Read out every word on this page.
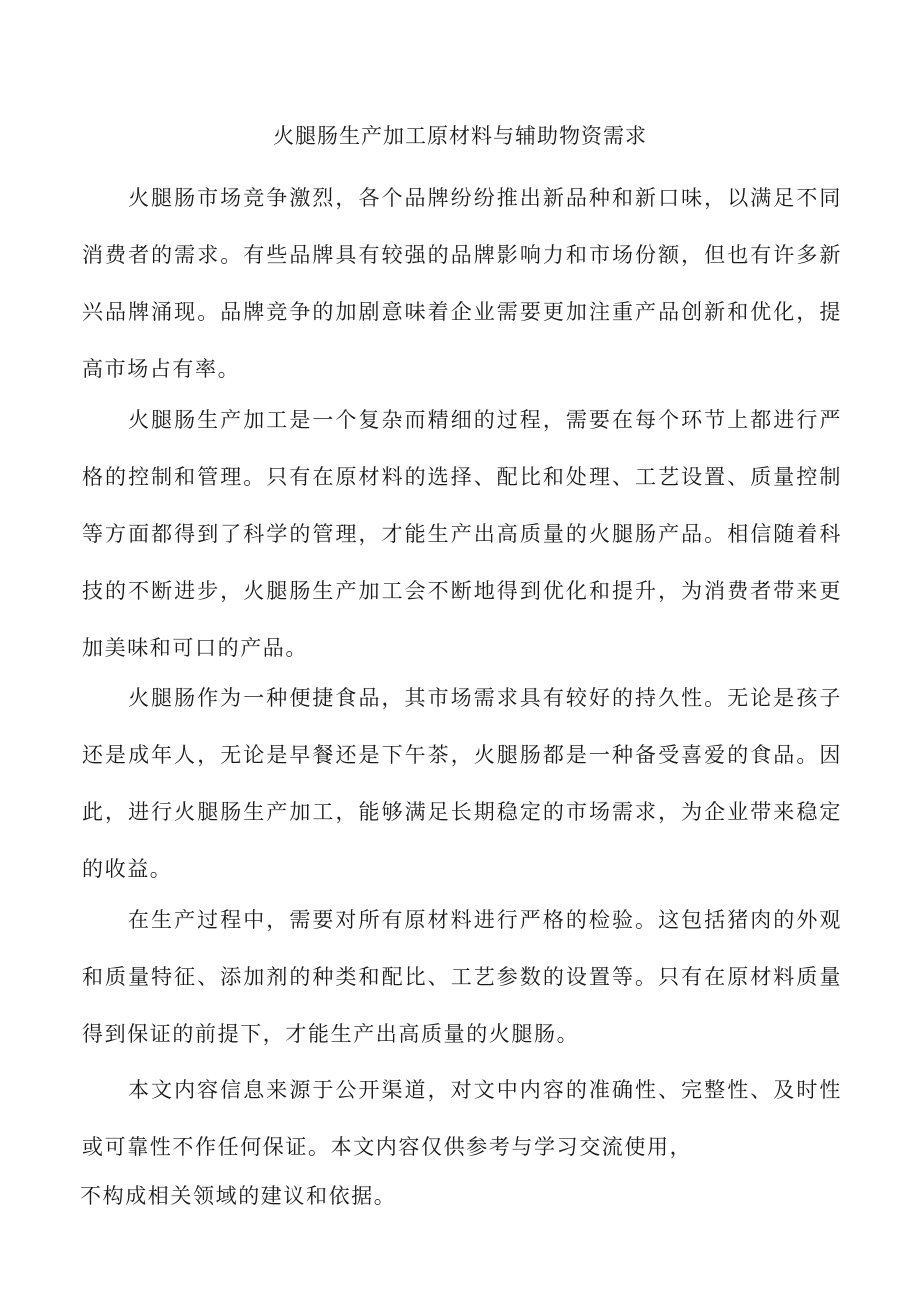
火腿肠生产加工原材料与辅助物资需求

火腿肠市场竞争激烈，各个品牌纷纷推出新品种和新口味，以满足不同消费者的需求。有些品牌具有较强的品牌影响力和市场份额，但也有许多新兴品牌涌现。品牌竞争的加剧意味着企业需要更加注重产品创新和优化，提高市场占有率。

火腿肠生产加工是一个复杂而精细的过程，需要在每个环节上都进行严格的控制和管理。只有在原材料的选择、配比和处理、工艺设置、质量控制等方面都得到了科学的管理，才能生产出高质量的火腿肠产品。相信随着科技的不断进步，火腿肠生产加工会不断地得到优化和提升，为消费者带来更加美味和可口的产品。

火腿肠作为一种便捷食品，其市场需求具有较好的持久性。无论是孩子还是成年人，无论是早餐还是下午茶，火腿肠都是一种备受喜爱的食品。因此，进行火腿肠生产加工，能够满足长期稳定的市场需求，为企业带来稳定的收益。

在生产过程中，需要对所有原材料进行严格的检验。这包括猪肉的外观和质量特征、添加剂的种类和配比、工艺参数的设置等。只有在原材料质量得到保证的前提下，才能生产出高质量的火腿肠。

本文内容信息来源于公开渠道，对文中内容的准确性、完整性、及时性或可靠性不作任何保证。本文内容仅供参考与学习交流使用，
不构成相关领域的建议和依据。
